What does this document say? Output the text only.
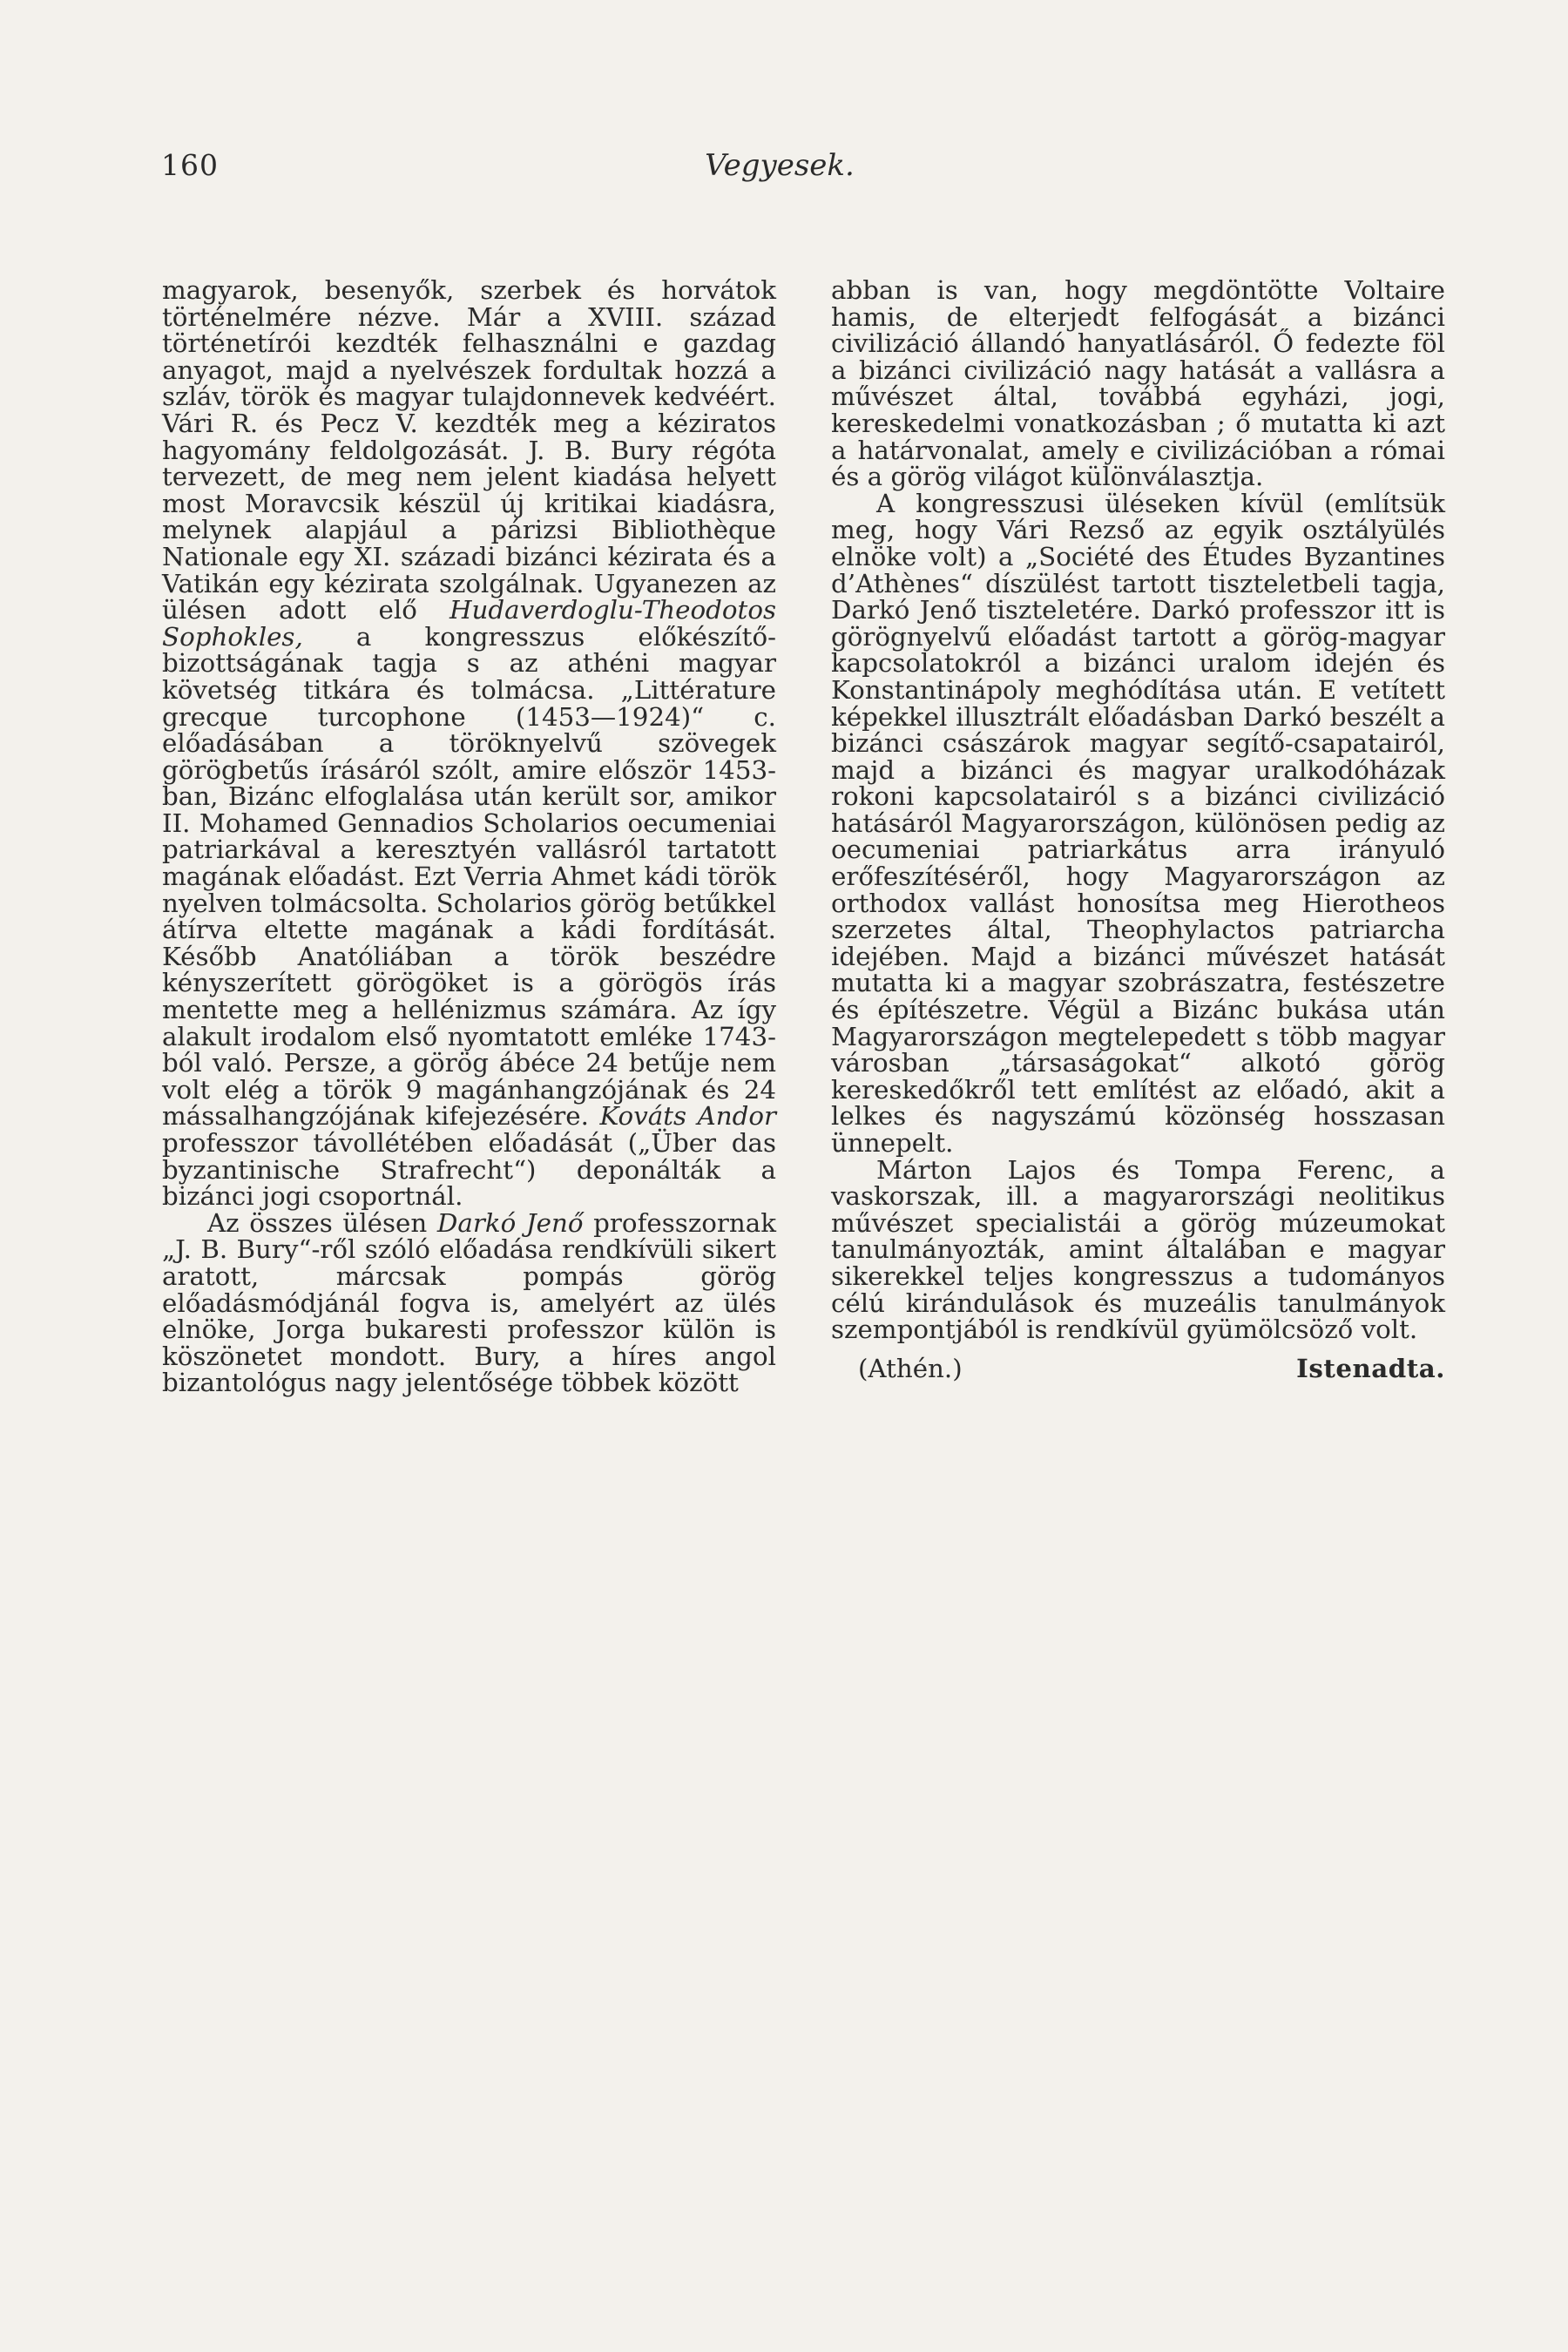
160	Vegyesek.

magyarok, besenyők, szerbek és horvátok történelmére nézve. Már a XVIII. század történetírói kezdték felhasználni e gazdag anyagot, majd a nyelvészek fordultak hozzá a szláv, török és magyar tulajdonnevek kedvéért. Vári R. és Pecz V. kezdték meg a kéziratos hagyomány feldolgozását. J. B. Bury régóta tervezett, de meg nem jelent kiadása helyett most Moravcsik készül új kritikai kiadásra, melynek alapjául a párizsi Bibliothèque Nationale egy XI. századi bizánci kézirata és a Vatikán egy kézirata szolgálnak. Ugyanezen az ülésen adott elő Hudaverdoglu-Theodotos Sophokles, a kongresszus előkészítő-bizottságának tagja s az athéni magyar követség titkára és tolmácsa. „Littérature grecque turcophone (1453—1924)“ c. előadásában a töröknyelvű szövegek görögbetűs írásáról szólt, amire először 1453-ban, Bizánc elfoglalása után került sor, amikor II. Mohamed Gennadios Scholarios oecumeniai patriarkával a keresztyén vallásról tartatott magának előadást. Ezt Verria Ahmet kádi török nyelven tolmácsolta. Scholarios görög betűkkel átírva eltette magának a kádi fordítását. Később Anatóliában a török beszédre kényszerített görögöket is a görögös írás mentette meg a hellénizmus számára. Az így alakult irodalom első nyomtatott emléke 1743-ból való. Persze, a görög ábéce 24 betűje nem volt elég a török 9 magánhangzójának és 24 mássalhangzójának kifejezésére. Kováts Andor professzor távollétében előadását („Über das byzantinische Strafrecht“) deponálták a bizánci jogi csoportnál.

Az összes ülésen Darkó Jenő professzornak „J. B. Bury“-ről szóló előadása rendkívüli sikert aratott, márcsak pompás görög előadásmódjánál fogva is, amelyért az ülés elnöke, Jorga bukaresti professzor külön is köszönetet mondott. Bury, a híres angol bizantológus nagy jelentősége többek között

abban is van, hogy megdöntötte Voltaire hamis, de elterjedt felfogását a bizánci civilizáció állandó hanyatlásáról. Ő fedezte föl a bizánci civilizáció nagy hatását a vallásra a művészet által, továbbá egyházi, jogi, kereskedelmi vonatkozásban ; ő mutatta ki azt a határvonalat, amely e civilizációban a római és a görög világot különválasztja.

A kongresszusi üléseken kívül (említsük meg, hogy Vári Rezső az egyik osztályülés elnöke volt) a „Société des Études Byzantines d’Athènes“ díszülést tartott tiszteletbeli tagja, Darkó Jenő tiszteletére. Darkó professzor itt is görögnyelvű előadást tartott a görög-magyar kapcsolatokról a bizánci uralom idején és Konstantinápoly meghódítása után. E vetített képekkel illusztrált előadásban Darkó beszélt a bizánci császárok magyar segítő-csapatairól, majd a bizánci és magyar uralkodóházak rokoni kapcsolatairól s a bizánci civilizáció hatásáról Magyarországon, különösen pedig az oecumeniai patriarkátus arra irányuló erőfeszítéséről, hogy Magyarországon az orthodox vallást honosítsa meg Hierotheos szerzetes által, Theophylactos patriarcha idejében. Majd a bizánci művészet hatását mutatta ki a magyar szobrászatra, festészetre és építészetre. Végül a Bizánc bukása után Magyarországon megtelepedett s több magyar városban „társaságokat“ alkotó görög kereskedőkről tett említést az előadó, akit a lelkes és nagyszámú közönség hosszasan ünnepelt.

Márton Lajos és Tompa Ferenc, a vaskorszak, ill. a magyarországi neolitikus művészet specialistái a görög múzeumokat tanulmányozták, amint általában e magyar sikerekkel teljes kongresszus a tudományos célú kirándulások és muzeális tanulmányok szempontjából is rendkívül gyümölcsöző volt.

(Athén.)	Istenadta.
